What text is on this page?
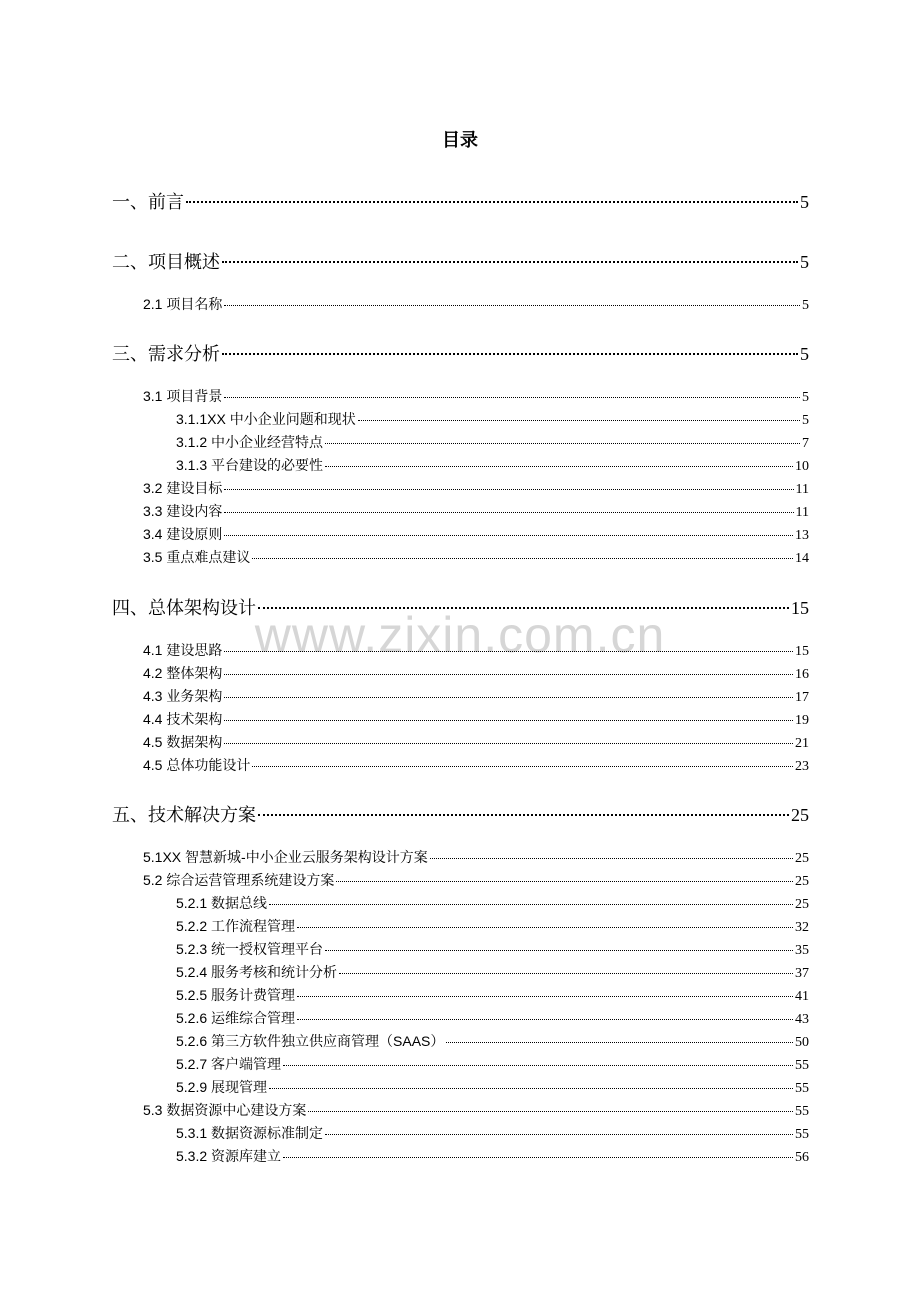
www.zixin.com.cn
目录
一、前言	5
二、项目概述	5
2.1 项目名称	5
三、需求分析	5
3.1 项目背景	5
3.1.1XX 中小企业问题和现状	5
3.1.2 中小企业经营特点	7
3.1.3 平台建设的必要性	10
3.2 建设目标	11
3.3 建设内容	11
3.4 建设原则	13
3.5 重点难点建议	14
四、总体架构设计	15
4.1 建设思路	15
4.2 整体架构	16
4.3 业务架构	17
4.4 技术架构	19
4.5 数据架构	21
4.5 总体功能设计	23
五、技术解决方案	25
5.1XX 智慧新城-中小企业云服务架构设计方案	25
5.2 综合运营管理系统建设方案	25
5.2.1 数据总线	25
5.2.2 工作流程管理	32
5.2.3 统一授权管理平台	35
5.2.4 服务考核和统计分析	37
5.2.5 服务计费管理	41
5.2.6 运维综合管理	43
5.2.6 第三方软件独立供应商管理（SAAS）	50
5.2.7 客户端管理	55
5.2.9 展现管理	55
5.3 数据资源中心建设方案	55
5.3.1 数据资源标准制定	55
5.3.2 资源库建立	56
